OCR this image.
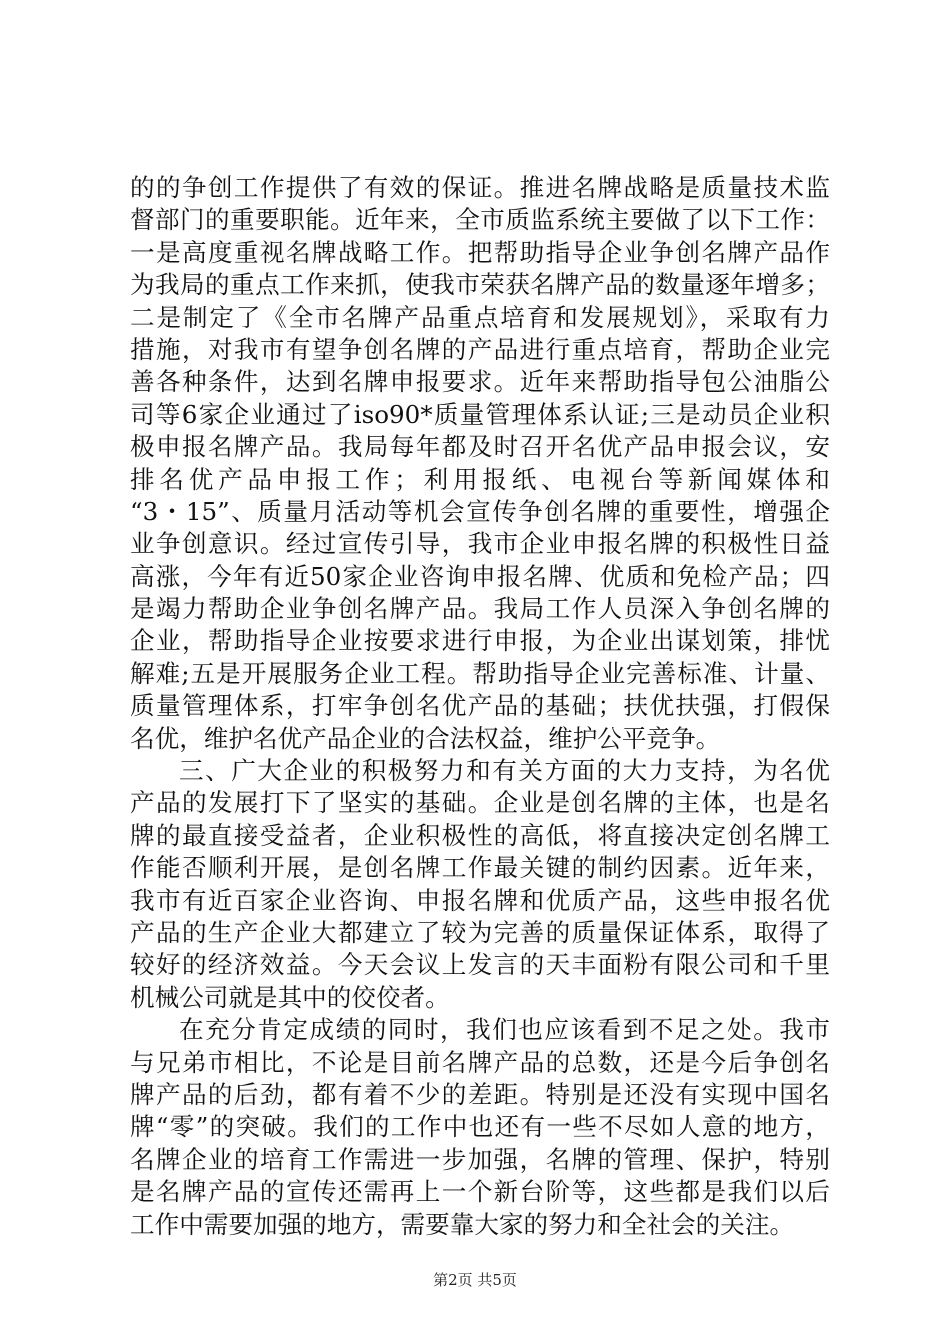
的的争创工作提供了有效的保证。推进名牌战略是质量技术监
督部门的重要职能。近年来，全市质监系统主要做了以下工作：
一是高度重视名牌战略工作。把帮助指导企业争创名牌产品作
为我局的重点工作来抓，使我市荣获名牌产品的数量逐年增多；
二是制定了《全市名牌产品重点培育和发展规划》，采取有力
措施，对我市有望争创名牌的产品进行重点培育，帮助企业完
善各种条件，达到名牌申报要求。近年来帮助指导包公油脂公
司等6家企业通过了iso90*质量管理体系认证;三是动员企业积
极申报名牌产品。我局每年都及时召开名优产品申报会议，安
排名优产品申报工作；利用报纸、电视台等新闻媒体和
“3・15”、质量月活动等机会宣传争创名牌的重要性，增强企
业争创意识。经过宣传引导，我市企业申报名牌的积极性日益
高涨，今年有近50家企业咨询申报名牌、优质和免检产品；四
是竭力帮助企业争创名牌产品。我局工作人员深入争创名牌的
企业，帮助指导企业按要求进行申报，为企业出谋划策，排忧
解难;五是开展服务企业工程。帮助指导企业完善标准、计量、
质量管理体系，打牢争创名优产品的基础；扶优扶强，打假保
名优，维护名优产品企业的合法权益，维护公平竞争。
三、广大企业的积极努力和有关方面的大力支持，为名优
产品的发展打下了坚实的基础。企业是创名牌的主体，也是名
牌的最直接受益者，企业积极性的高低，将直接决定创名牌工
作能否顺利开展，是创名牌工作最关键的制约因素。近年来，
我市有近百家企业咨询、申报名牌和优质产品，这些申报名优
产品的生产企业大都建立了较为完善的质量保证体系，取得了
较好的经济效益。今天会议上发言的天丰面粉有限公司和千里
机械公司就是其中的佼佼者。
在充分肯定成绩的同时，我们也应该看到不足之处。我市
与兄弟市相比，不论是目前名牌产品的总数，还是今后争创名
牌产品的后劲，都有着不少的差距。特别是还没有实现中国名
牌“零”的突破。我们的工作中也还有一些不尽如人意的地方，
名牌企业的培育工作需进一步加强，名牌的管理、保护，特别
是名牌产品的宣传还需再上一个新台阶等，这些都是我们以后
工作中需要加强的地方，需要靠大家的努力和全社会的关注。
第2页 共5页
